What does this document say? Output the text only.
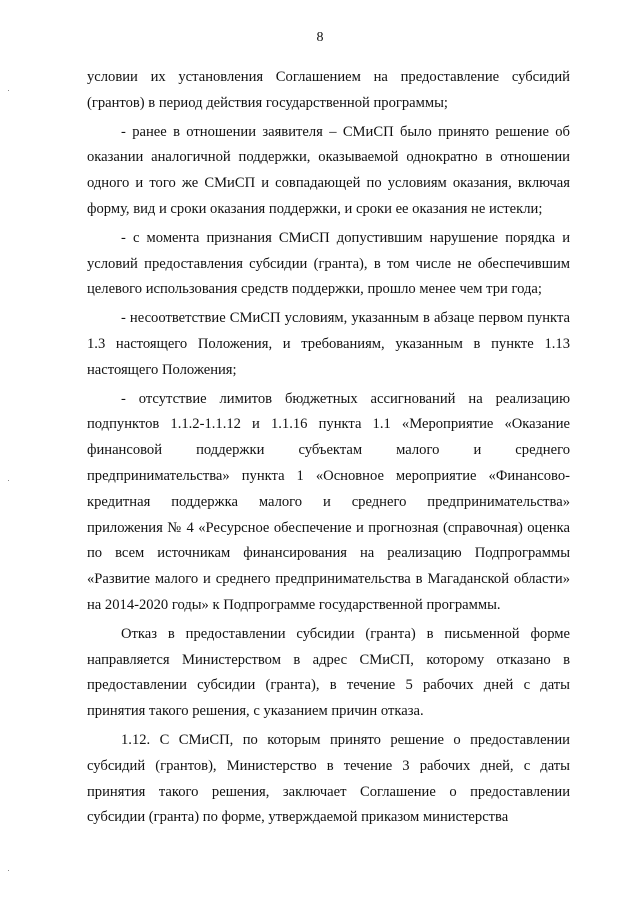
8
условии их установления Соглашением на предоставление субсидий
(грантов) в период действия государственной программы;
- ранее в отношении заявителя – СМиСП было принято решение об
оказании аналогичной поддержки, оказываемой однократно в отношении
одного и того же СМиСП и совпадающей по условиям оказания, включая
форму, вид и сроки оказания поддержки, и сроки ее оказания не истекли;
- с момента признания СМиСП допустившим нарушение порядка и
условий предоставления субсидии (гранта), в том числе не обеспечившим
целевого использования средств поддержки, прошло менее чем три года;
- несоответствие СМиСП условиям, указанным в абзаце первом пункта
1.3 настоящего Положения, и требованиям, указанным в пункте 1.13
настоящего Положения;
- отсутствие лимитов бюджетных ассигнований на реализацию
подпунктов 1.1.2-1.1.12 и 1.1.16 пункта 1.1 «Мероприятие «Оказание
финансовой поддержки субъектам малого и среднего
предпринимательства» пункта 1 «Основное мероприятие «Финансово-
кредитная поддержка малого и среднего предпринимательства»
приложения № 4 «Ресурсное обеспечение и прогнозная (справочная) оценка
по всем источникам финансирования на реализацию Подпрограммы
«Развитие малого и среднего предпринимательства в Магаданской области»
на 2014-2020 годы» к Подпрограмме государственной программы.
Отказ в предоставлении субсидии (гранта) в письменной форме
направляется Министерством в адрес СМиСП, которому отказано в
предоставлении субсидии (гранта), в течение 5 рабочих дней с даты
принятия такого решения, с указанием причин отказа.
1.12. С СМиСП, по которым принято решение о предоставлении
субсидий (грантов), Министерство в течение 3 рабочих дней, с даты
принятия такого решения, заключает Соглашение о предоставлении
субсидии (гранта) по форме, утверждаемой приказом министерства
